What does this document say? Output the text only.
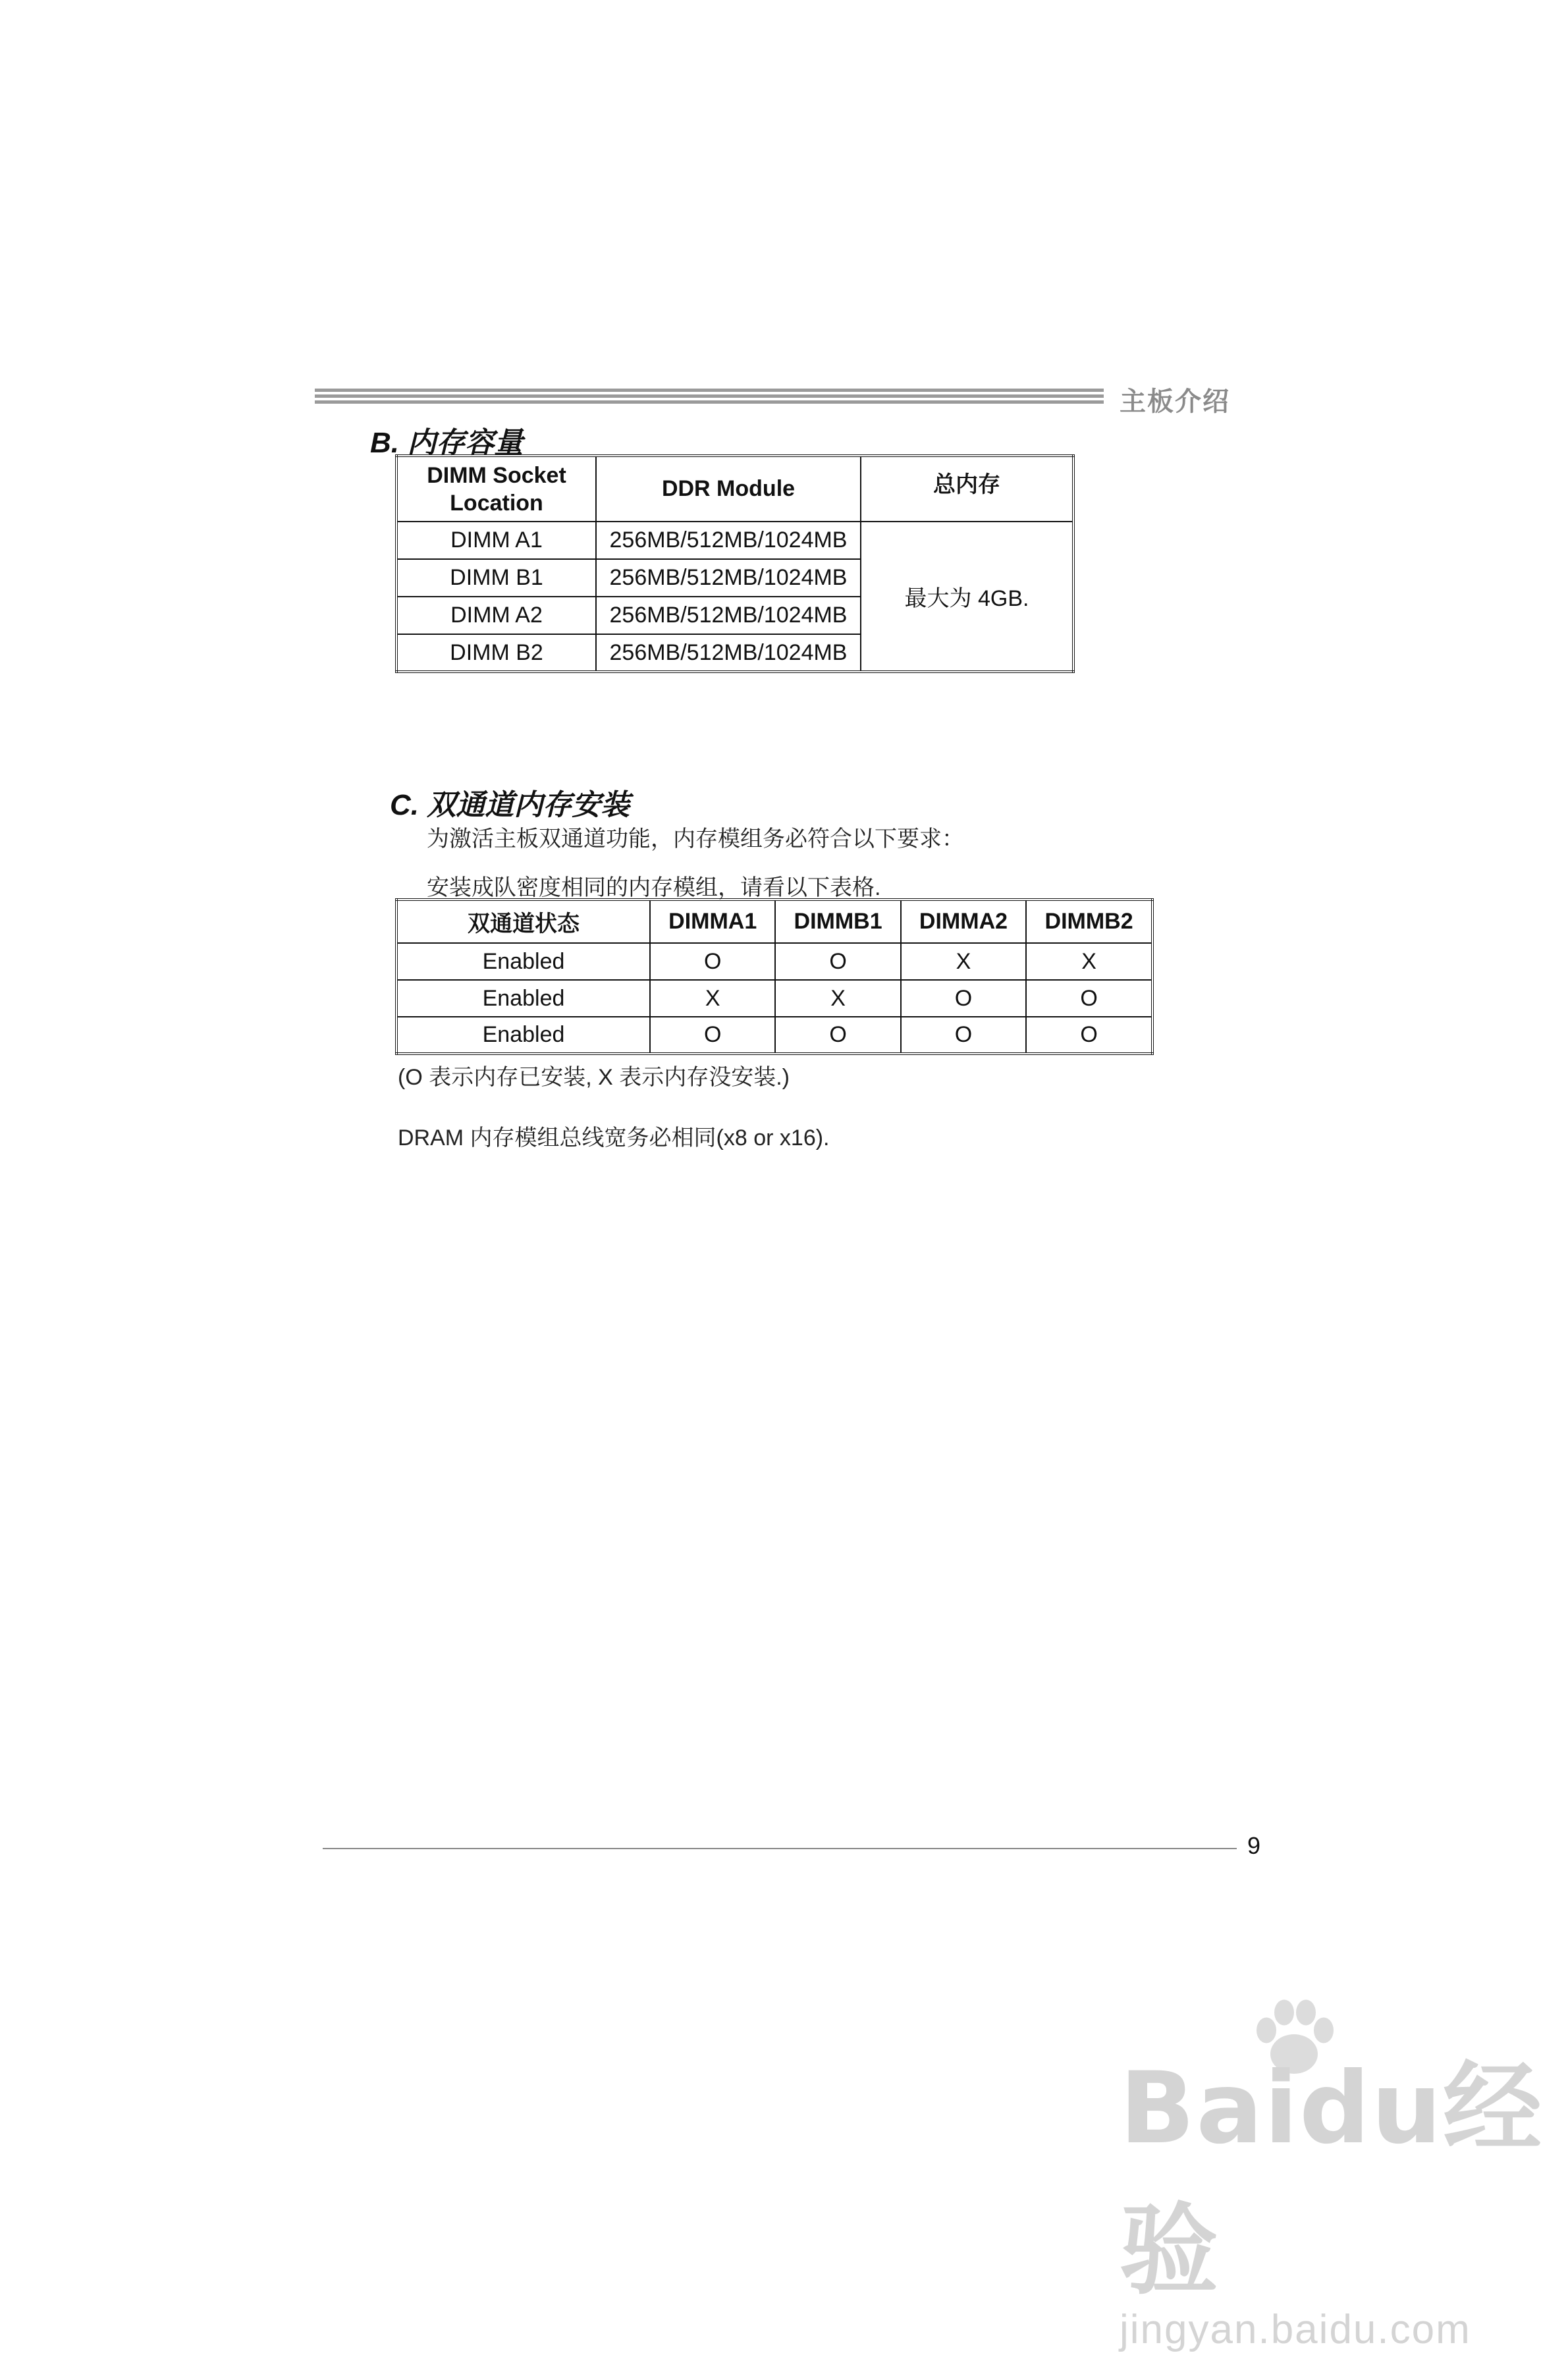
主板介绍
B. 内存容量
DIMM Socket Location	DDR Module	总内存
DIMM A1	256MB/512MB/1024MB	最大为 4GB.
DIMM B1	256MB/512MB/1024MB	
DIMM A2	256MB/512MB/1024MB	
DIMM B2	256MB/512MB/1024MB	
C. 双通道内存安装
为激活主板双通道功能，内存模组务必符合以下要求：
安装成队密度相同的内存模组，请看以下表格.
双通道状态	DIMMA1	DIMMB1	DIMMA2	DIMMB2
Enabled	O	O	X	X
Enabled	X	X	O	O
Enabled	O	O	O	O
(O 表示内存已安装, X 表示内存没安装.)
DRAM 内存模组总线宽务必相同(x8 or x16).
9
Baidu经验
jingyan.baidu.com
